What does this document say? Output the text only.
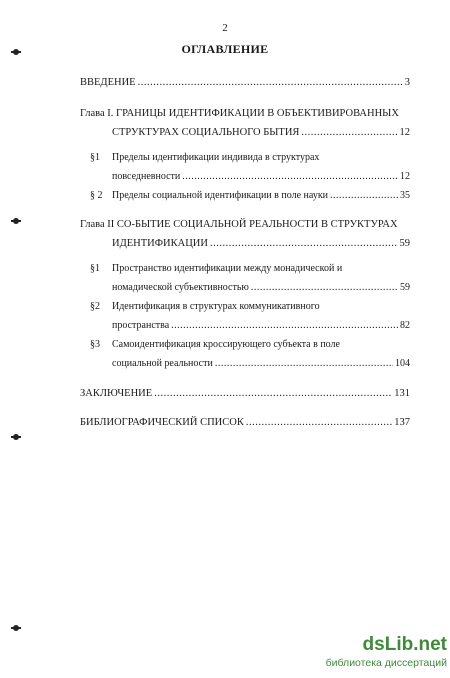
2
ОГЛАВЛЕНИЕ
ВВЕДЕНИЕ .....	3
Глава I. ГРАНИЦЫ ИДЕНТИФИКАЦИИ В ОБЪЕКТИВИРОВАННЫХ
СТРУКТУРАХ СОЦИАЛЬНОГО БЫТИЯ .....	12
§1 Пределы идентификации индивида в структурах
повседневности .....	12
§ 2 Пределы социальной идентификации в поле науки .....	35
Глава II СО-БЫТИЕ СОЦИАЛЬНОЙ РЕАЛЬНОСТИ В СТРУКТУРАХ
ИДЕНТИФИКАЦИИ .....	59
§1 Пространство идентификации между монадической и
номадической субъективностью .....	59
§2 Идентификация в структурах коммуникативного
пространства .....	82
§3 Самоидентификация кроссирующего субъекта в поле
социальной реальности .....	104
ЗАКЛЮЧЕНИЕ .....	131
БИБЛИОГРАФИЧЕСКИЙ СПИСОК .....	137
dsLib.net
библиотека диссертаций
